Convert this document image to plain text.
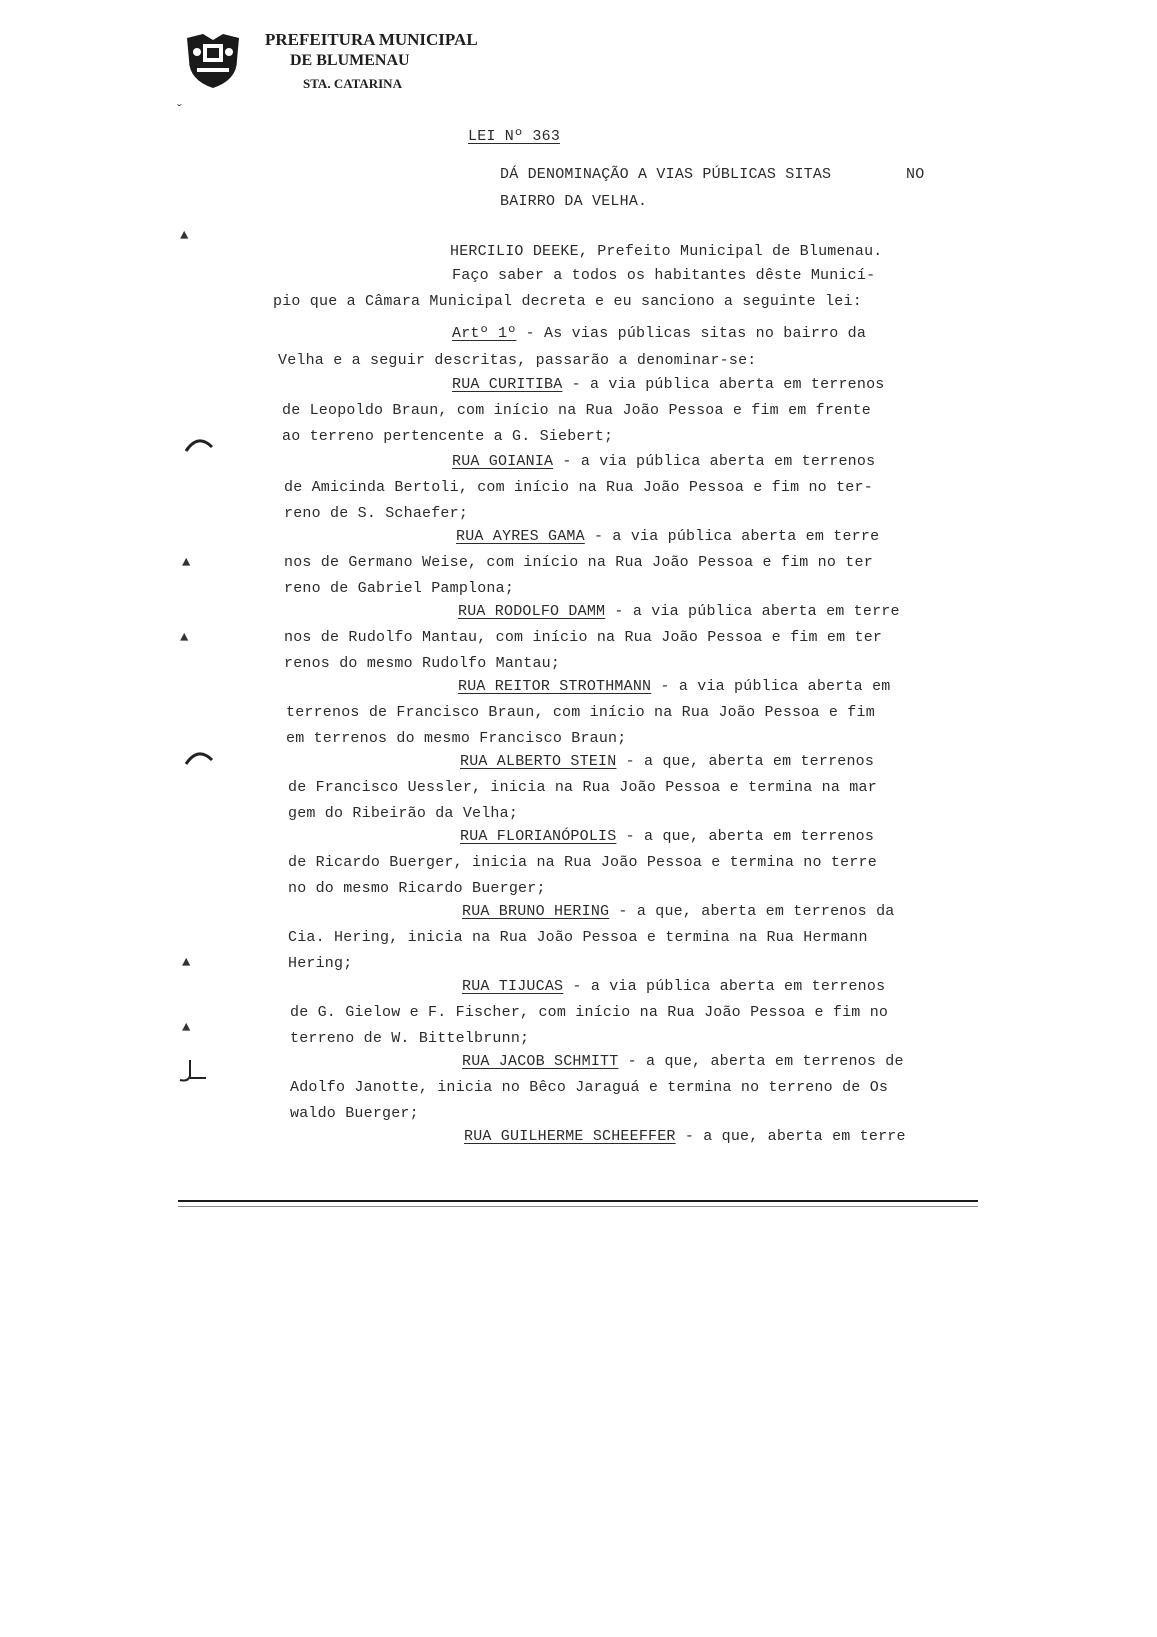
PREFEITURA MUNICIPAL
DE BLUMENAU
STA. CATARINA
ˇ
LEI Nº 363
DÁ DENOMINAÇÃO A VIAS PÚBLICAS SITAS	NO
BAIRRO DA VELHA.
HERCILIO DEEKE, Prefeito Municipal de Blumenau.
Faço saber a todos os habitantes dêste Municí-
pio que a Câmara Municipal decreta e eu sanciono a seguinte lei:
Artº 1º - As vias públicas sitas no bairro da
Velha e a seguir descritas, passarão a denominar-se:
RUA CURITIBA - a via pública aberta em terrenos
de Leopoldo Braun, com início na Rua João Pessoa e fim em frente
ao terreno pertencente a G. Siebert;
RUA GOIANIA - a via pública aberta em terrenos
de Amicinda Bertoli, com início na Rua João Pessoa e fim no ter-
reno de S. Schaefer;
RUA AYRES GAMA - a via pública aberta em terre
nos de Germano Weise, com início na Rua João Pessoa e fim no ter
reno de Gabriel Pamplona;
RUA RODOLFO DAMM - a via pública aberta em terre
nos de Rudolfo Mantau, com início na Rua João Pessoa e fim em ter
renos do mesmo Rudolfo Mantau;
RUA REITOR STROTHMANN - a via pública aberta em
terrenos de Francisco Braun, com início na Rua João Pessoa e fim
em terrenos do mesmo Francisco Braun;
RUA ALBERTO STEIN - a que, aberta em terrenos
de Francisco Uessler, inicia na Rua João Pessoa e termina na mar
gem do Ribeirão da Velha;
RUA FLORIANÓPOLIS - a que, aberta em terrenos
de Ricardo Buerger, inicia na Rua João Pessoa e termina no terre
no do mesmo Ricardo Buerger;
RUA BRUNO HERING - a que, aberta em terrenos da
Cia. Hering, inicia na Rua João Pessoa e termina na Rua Hermann
Hering;
RUA TIJUCAS - a via pública aberta em terrenos
de G. Gielow e F. Fischer, com início na Rua João Pessoa e fim no
terreno de W. Bittelbrunn;
RUA JACOB SCHMITT - a que, aberta em terrenos de
Adolfo Janotte, inicia no Bêco Jaraguá e termina no terreno de Os
waldo Buerger;
RUA GUILHERME SCHEEFFER - a que, aberta em terre
▲
▲
▲
▲
▲
